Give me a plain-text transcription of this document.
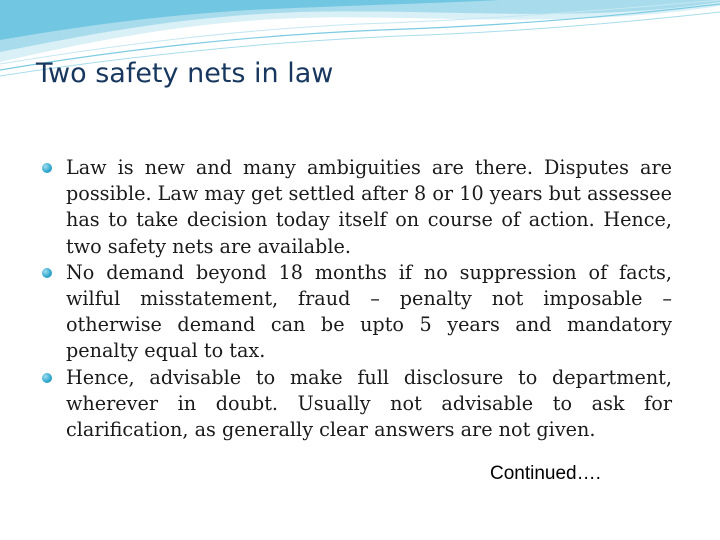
Two safety nets in law
Law is new and many ambiguities are there. Disputes are possible. Law may get settled after 8 or 10 years but assessee has to take decision today itself on course of action. Hence, two safety nets are available.
No demand beyond 18 months if no suppression of facts, wilful misstatement, fraud – penalty not imposable – otherwise demand can be upto 5 years and mandatory penalty equal to tax.
Hence, advisable to make full disclosure to department, wherever in doubt. Usually not advisable to ask for clarification, as generally clear answers are not given.
Continued….
